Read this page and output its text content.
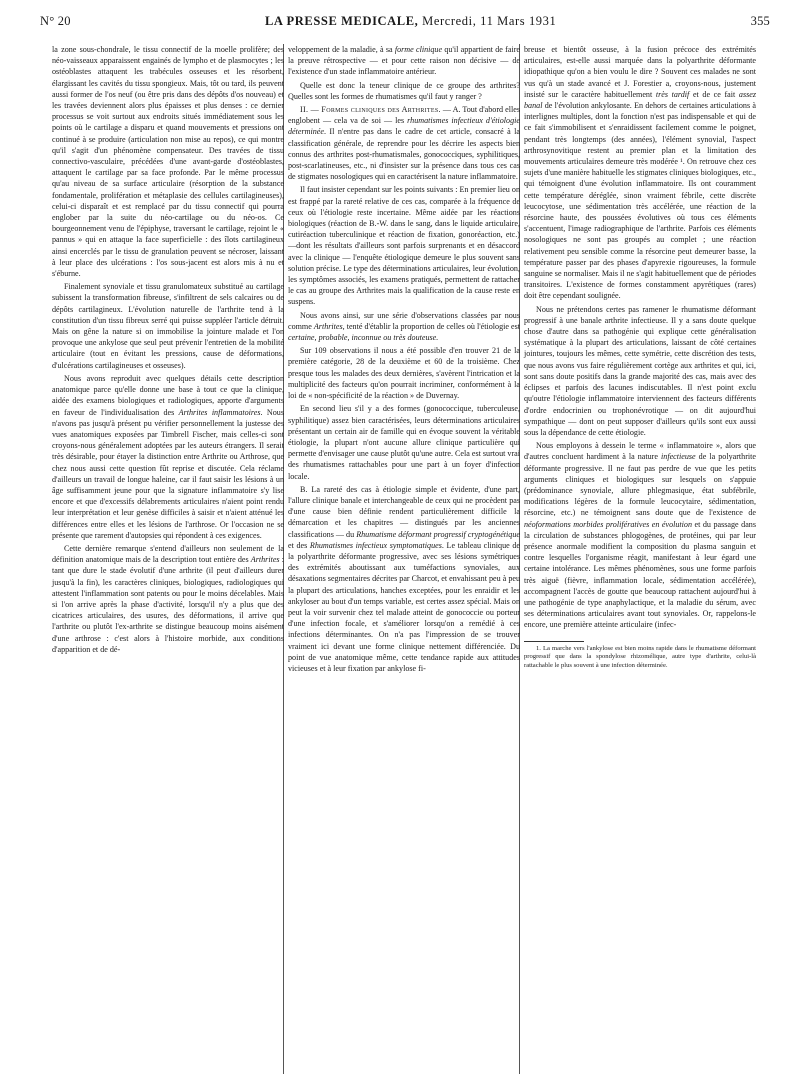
N° 20	LA PRESSE MEDICALE, Mercredi, 11 Mars 1931	355

la zone sous-chondrale, le tissu connectif de la moelle prolifère; des néo-vaisseaux apparaissent engainés de lympho et de plasmocytes ; les ostéoblastes attaquent les trabécules osseuses et les résorbent, élargissant les cavités du tissu spongieux. Mais, tôt ou tard, ils peuvent aussi former de l'os neuf (ou être pris dans des dépôts d'os nouveau) et les travées deviennent alors plus épaisses et plus denses : ce dernier processus se voit surtout aux endroits situés immédiatement sous les points où le cartilage a disparu et quand mouvements et pressions ont continué à se produire (articulation non mise au repos), ce qui montre qu'il s'agit d'un phénomène compensateur. Des travées de tissu connectivo-vasculaire, précédées d'une avant-garde d'ostéoblastes, attaquent le cartilage par sa face profonde. Par le même processus qu'au niveau de sa surface articulaire (résorption de la substance fondamentale, prolifération et métaplasie des cellules cartilagineuses), celui-ci disparaît et est remplacé par du tissu connectif qui pourra englober par la suite du néo-cartilage ou du néo-os. Ce bourgeonnement venu de l'épiphyse, traversant le cartilage, rejoint le « pannus » qui en attaque la face superficielle : des îlots cartilagineux ainsi encerclés par le tissu de granulation peuvent se nécroser, laissant à leur place des ulcérations : l'os sous-jacent est alors mis à nu et s'éburne.

Finalement synoviale et tissu granulomateux substitué au cartilage subissent la transformation fibreuse, s'infiltrent de sels calcaires ou de dépôts cartilagineux. L'évolution naturelle de l'arthrite tend à la constitution d'un tissu fibreux serré qui puisse suppléer l'article détruit. Mais on gêne la nature si on immobilise la jointure malade et l'on provoque une ankylose que seul peut prévenir l'entretien de la mobilité articulaire (tout en évitant les pressions, cause de déformations, d'ulcérations cartilagineuses et osseuses).

Nous avons reproduit avec quelques détails cette description anatomique parce qu'elle donne une base à tout ce que la clinique, aidée des examens biologiques et radiologiques, apporte d'arguments en faveur de l'individualisation des Arthrites inflammatoires. Nous n'avons pas jusqu'à présent pu vérifier personnellement la justesse des vues anatomiques exposées par Timbrell Fischer, mais celles-ci sont croyons-nous généralement adoptées par les auteurs étrangers. Il serait très désirable, pour étayer la distinction entre Arthrite ou Arthrose, que chez nous aussi cette question fût reprise et discutée. Cela réclame d'ailleurs un travail de longue haleine, car il faut saisir les lésions à un âge suffisamment jeune pour que la signature inflammatoire s'y lise encore et que d'excessifs délabrements articulaires n'aient point rendu leur interprétation et leur genèse difficiles à saisir et n'aient atténué les différences entre elles et les lésions de l'arthrose. Or l'occasion ne se présente que rarement d'autopsies qui répondent à ces exigences.

Cette dernière remarque s'entend d'ailleurs non seulement de la définition anatomique mais de la description tout entière des Arthrites : tant que dure le stade évolutif d'une arthrite (il peut d'ailleurs durer jusqu'à la fin), les caractères cliniques, biologiques, radiologiques qui attestent l'inflammation sont patents ou pour le moins décelables. Mais si l'on arrive après la phase d'activité, lorsqu'il n'y a plus que des cicatrices articulaires, des usures, des déformations, il arrive que l'arthrite ou plutôt l'ex-arthrite se distingue beaucoup moins aisément d'une arthrose : c'est alors à l'histoire morbide, aux conditions d'apparition et de dé-

veloppement de la maladie, à sa forme clinique qu'il appartient de faire la preuve rétrospective — et pour cette raison non décisive — de l'existence d'un stade inflammatoire antérieur.

Quelle est donc la teneur clinique de ce groupe des arthrites? Quelles sont les formes de rhumatismes qu'il faut y ranger ?

II. — Formes cliniques des Arthrites. — A. Tout d'abord elles englobent — cela va de soi — les rhumatismes infectieux d'étiologie déterminée. Il n'entre pas dans le cadre de cet article, consacré à la classification générale, de reprendre pour les décrire les aspects bien connus des arthrites post-rhumatismales, gonococciques, syphilitiques, post-scarlatineuses, etc., ni d'insister sur la présence dans tous ces cas de stigmates nosologiques qui en caractérisent la nature inflammatoire.

Il faut insister cependant sur les points suivants : En premier lieu on est frappé par la rareté relative de ces cas, comparée à la fréquence de ceux où l'étiologie reste incertaine. Même aidée par les réactions biologiques (réaction de B.-W. dans le sang, dans le liquide articulaire, cutiréaction tuberculinique et réaction de fixation, gonoréaction, etc.)—dont les résultats d'ailleurs sont parfois surprenants et en désaccord avec la clinique — l'enquête étiologique demeure le plus souvent sans solution précise. Le type des déterminations articulaires, leur évolution, les symptômes associés, les examens pratiqués, permettent de rattacher le cas au groupe des Arthrites mais la qualification de la cause reste en suspens.

Nous avons ainsi, sur une série d'observations classées par nous comme Arthrites, tenté d'établir la proportion de celles où l'étiologie est certaine, probable, inconnue ou très douteuse.

Sur 109 observations il nous a été possible d'en trouver 21 de la première catégorie, 28 de la deuxième et 60 de la troisième. Chez presque tous les malades des deux dernières, s'avèrent l'intrication et la multiplicité des facteurs qu'on pourrait incriminer, conformément à la loi de « non-spécificité de la réaction » de Duvernay.

En second lieu s'il y a des formes (gonococcique, tuberculeuse, syphilitique) assez bien caractérisées, leurs déterminations articulaires présentant un certain air de famille qui en évoque souvent la véritable étiologie, la plupart n'ont aucune allure clinique particulière qui permette d'envisager une cause plutôt qu'une autre. Cela est surtout vrai des rhumatismes rattachables pour une part à un foyer d'infection locale.

B. La rareté des cas à étiologie simple et évidente, d'une part, l'allure clinique banale et interchangeable de ceux qui ne procèdent pas d'une cause bien définie rendent particulièrement difficile la démarcation et les chapitres — distingués par les anciennes classifications — du Rhumatisme déformant progressif cryptogénétique et des Rhumatismes infectieux symptomatiques. Le tableau clinique de la polyarthrite déformante progressive, avec ses lésions symétriques des extrémités aboutissant aux tuméfactions synoviales, aux désaxations segmentaires décrites par Charcot, et envahissant peu à peu la plupart des articulations, hanches exceptées, pour les enraidir et les ankyloser au bout d'un temps variable, est certes assez spécial. Mais on peut la voir survenir chez tel malade atteint de gonococcie ou porteur d'une infection focale, et s'améliorer lorsqu'on a remédié à ces infections déterminantes. On n'a pas l'impression de se trouver vraiment ici devant une forme clinique nettement différenciée. Du point de vue anatomique même, cette tendance rapide aux attitudes vicieuses et à leur fixation par ankylose fi-

breuse et bientôt osseuse, à la fusion précoce des extrémités articulaires, est-elle aussi marquée dans la polyarthrite déformante idiopathique qu'on a bien voulu le dire ? Souvent ces malades ne sont vus qu'à un stade avancé et J. Forestier a, croyons-nous, justement insisté sur le caractère habituellement très tardif et de ce fait assez banal de l'évolution ankylosante. En dehors de certaines articulations à interlignes multiples, dont la fonction n'est pas indispensable et qui de ce fait s'immobilisent et s'enraidissent facilement comme le poignet, pendant très longtemps (des années), l'élément synovial, l'aspect arthrosynovitique restent au premier plan et la limitation des mouvements articulaires demeure très modérée ¹. On retrouve chez ces sujets d'une manière habituelle les stigmates cliniques biologiques, etc., qui témoignent d'une évolution inflammatoire. Ils ont couramment cette température déréglée, sinon vraiment fébrile, cette discrète leucocytose, une sédimentation très accélérée, une réaction de la résorcine haute, des poussées évolutives où tous ces éléments s'accentuent, l'image radiographique de l'arthrite. Parfois ces éléments nosologiques ne sont pas groupés au complet ; une réaction relativement peu sensible comme la résorcine peut demeurer basse, la température passer par des phases d'apyrexie rigoureuses, la formule sanguine se normaliser. Mais il ne s'agit habituellement que de périodes transitoires. L'existence de formes constamment apyrétiques (rares) doit être cependant soulignée.

Nous ne prétendons certes pas ramener le rhumatisme déformant progressif à une banale arthrite infectieuse. Il y a sans doute quelque chose d'autre dans sa pathogénie qui explique cette généralisation systématique à la plupart des articulations, laissant de côté certaines jointures, toujours les mêmes, cette symétrie, cette discrétion des tests, que nous avons vus faire régulièrement cortège aux arthrites et qui, ici, sont sans doute positifs dans la grande majorité des cas, mais avec des éclipses et parfois des lacunes indiscutables. Il n'est point exclu qu'outre l'étiologie inflammatoire interviennent des facteurs différents d'ordre endocrinien ou trophonévrotique — on dit aujourd'hui sympathique — dont on peut supposer d'ailleurs qu'ils sont eux aussi sous la dépendance de cette étiologie.

Nous employons à dessein le terme « inflammatoire », alors que d'autres concluent hardiment à la nature infectieuse de la polyarthrite déformante progressive. Il ne faut pas perdre de vue que les petits arguments cliniques et biologiques sur lesquels on s'appuie (prédominance synoviale, allure phlegmasique, état subfébrile, modifications légères de la formule leucocytaire, sédimentation, résorcine, etc.) ne témoignent sans doute que de l'existence de néoformations morbides prolifératives en évolution et du passage dans la circulation de substances phlogogènes, de protéines, qui par leur présence anormale modifient la composition du plasma sanguin et contre lesquelles l'organisme réagit, manifestant à leur égard une certaine intolérance. Les mêmes phénomènes, sous une forme parfois très aiguë (fièvre, inflammation locale, sédimentation accélérée), accompagnent l'accès de goutte que beaucoup rattachent aujourd'hui à une pathogénie de type anaphylactique, et la maladie du sérum, avec ses déterminations articulaires avant tout synoviales. Or, rappelons-le encore, une première atteinte articulaire (infec-

1. La marche vers l'ankylose est bien moins rapide dans le rhumatisme déformant progressif que dans la spondylose rhizomélique, autre type d'arthrite, celui-là rattachable le plus souvent à une infection déterminée.
